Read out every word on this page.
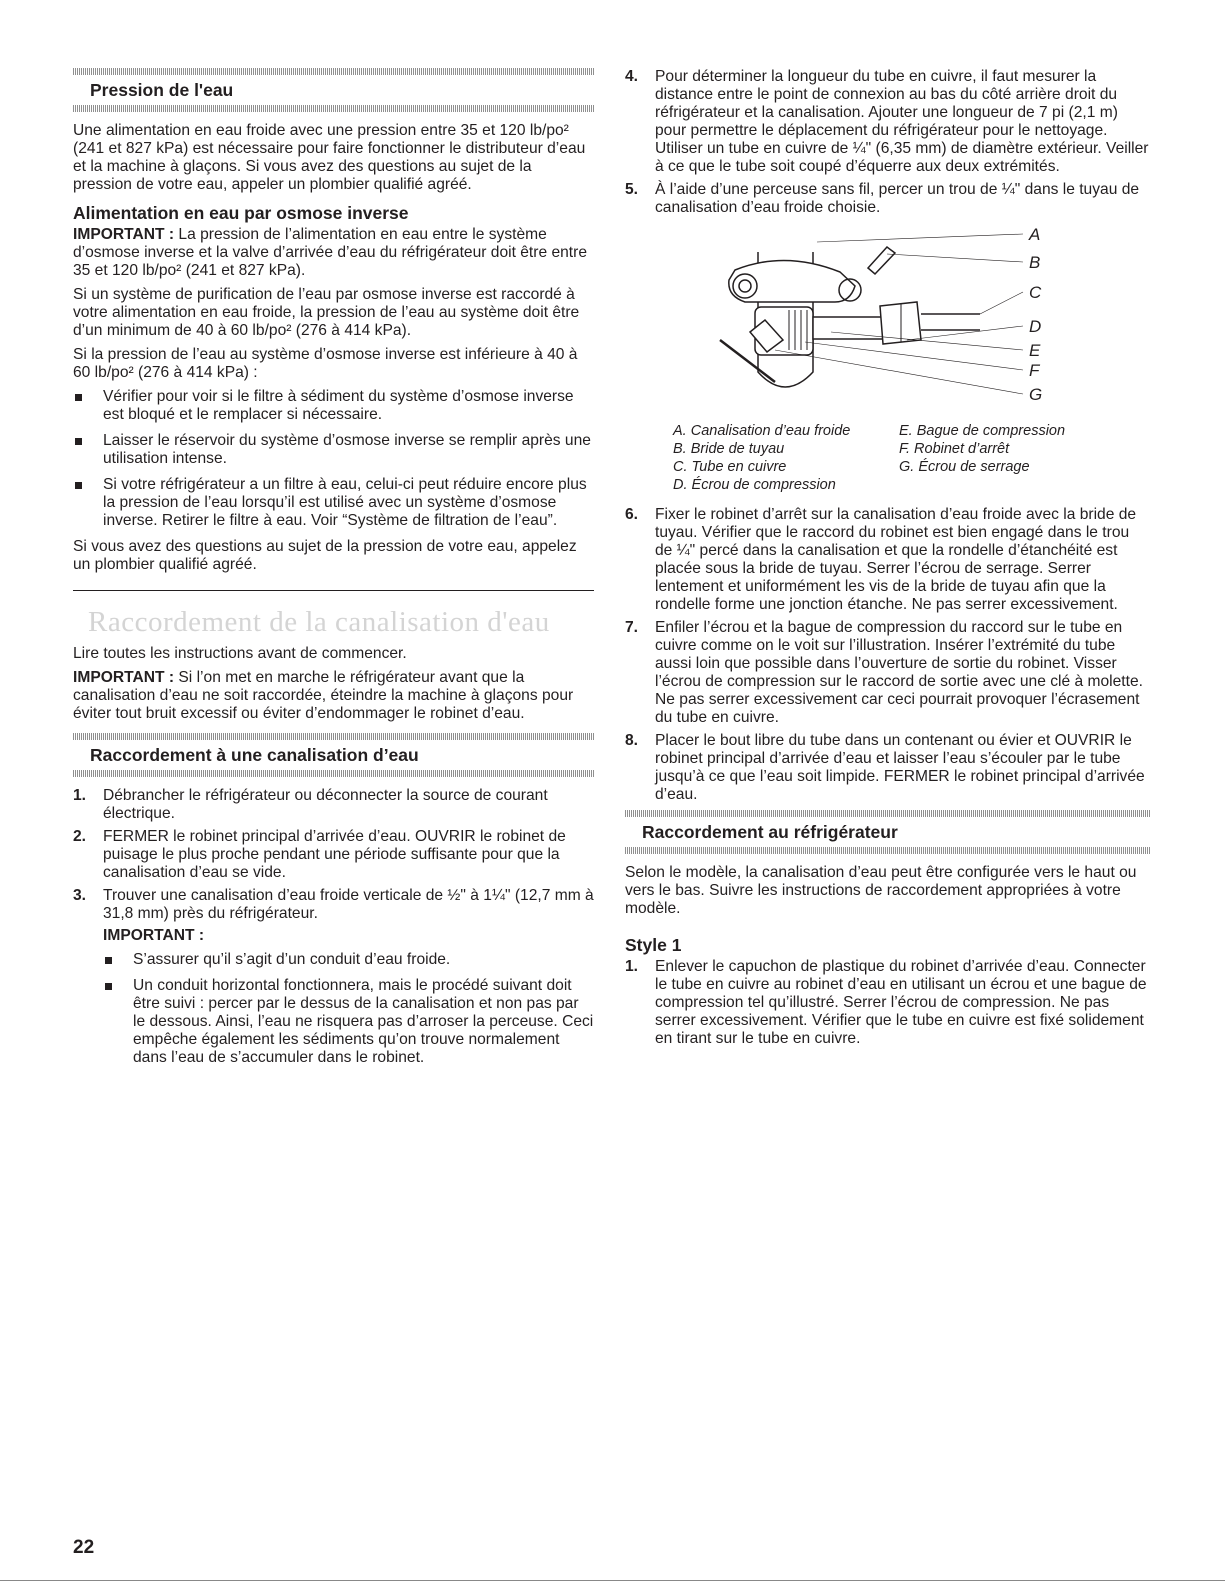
Pression de l'eau

Une alimentation en eau froide avec une pression entre 35 et 120 lb/po² (241 et 827 kPa) est nécessaire pour faire fonctionner le distributeur d’eau et la machine à glaçons. Si vous avez des questions au sujet de la pression de votre eau, appeler un plombier qualifié agréé.

Alimentation en eau par osmose inverse

IMPORTANT : La pression de l’alimentation en eau entre le système d’osmose inverse et la valve d’arrivée d’eau du réfrigérateur doit être entre 35 et 120 lb/po² (241 et 827 kPa).

Si un système de purification de l’eau par osmose inverse est raccordé à votre alimentation en eau froide, la pression de l’eau au système doit être d’un minimum de 40 à 60 lb/po² (276 à 414 kPa).

Si la pression de l’eau au système d’osmose inverse est inférieure à 40 à 60 lb/po² (276 à 414 kPa) :

Vérifier pour voir si le filtre à sédiment du système d’osmose inverse est bloqué et le remplacer si nécessaire.
Laisser le réservoir du système d’osmose inverse se remplir après une utilisation intense.
Si votre réfrigérateur a un filtre à eau, celui-ci peut réduire encore plus la pression de l’eau lorsqu’il est utilisé avec un système d’osmose inverse. Retirer le filtre à eau. Voir “Système de filtration de l’eau”.

Si vous avez des questions au sujet de la pression de votre eau, appelez un plombier qualifié agréé.

Raccordement de la canalisation d'eau

Lire toutes les instructions avant de commencer.

IMPORTANT : Si l’on met en marche le réfrigérateur avant que la canalisation d’eau ne soit raccordée, éteindre la machine à glaçons pour éviter tout bruit excessif ou éviter d’endommager le robinet d’eau.

Raccordement à une canalisation d’eau
1. Débrancher le réfrigérateur ou déconnecter la source de courant électrique.
2. FERMER le robinet principal d’arrivée d’eau. OUVRIR le robinet de puisage le plus proche pendant une période suffisante pour que la canalisation d’eau se vide.
3. Trouver une canalisation d’eau froide verticale de ½" à 1¼" (12,7 mm à 31,8 mm) près du réfrigérateur.
IMPORTANT :
S’assurer qu’il s’agit d’un conduit d’eau froide.
Un conduit horizontal fonctionnera, mais le procédé suivant doit être suivi : percer par le dessus de la canalisation et non pas par le dessous. Ainsi, l’eau ne risquera pas d’arroser la perceuse. Ceci empêche également les sédiments qu’on trouve normalement dans l’eau de s’accumuler dans le robinet.
4. Pour déterminer la longueur du tube en cuivre, il faut mesurer la distance entre le point de connexion au bas du côté arrière droit du réfrigérateur et la canalisation. Ajouter une longueur de 7 pi (2,1 m) pour permettre le déplacement du réfrigérateur pour le nettoyage. Utiliser un tube en cuivre de ¼" (6,35 mm) de diamètre extérieur. Veiller à ce que le tube soit coupé d’équerre aux deux extrémités.
5. À l’aide d’une perceuse sans fil, percer un trou de ¼" dans le tuyau de canalisation d’eau froide choisie.
A
B
C
D
E
F
G
A. Canalisation d’eau froide
B. Bride de tuyau
C. Tube en cuivre
D. Écrou de compression
E. Bague de compression
F. Robinet d’arrêt
G. Écrou de serrage
6. Fixer le robinet d’arrêt sur la canalisation d’eau froide avec la bride de tuyau. Vérifier que le raccord du robinet est bien engagé dans le trou de ¼" percé dans la canalisation et que la rondelle d’étanchéité est placée sous la bride de tuyau. Serrer l’écrou de serrage. Serrer lentement et uniformément les vis de la bride de tuyau afin que la rondelle forme une jonction étanche. Ne pas serrer excessivement.
7. Enfiler l’écrou et la bague de compression du raccord sur le tube en cuivre comme on le voit sur l’illustration. Insérer l’extrémité du tube aussi loin que possible dans l’ouverture de sortie du robinet. Visser l’écrou de compression sur le raccord de sortie avec une clé à molette. Ne pas serrer excessivement car ceci pourrait provoquer l’écrasement du tube en cuivre.
8. Placer le bout libre du tube dans un contenant ou évier et OUVRIR le robinet principal d’arrivée d’eau et laisser l’eau s’écouler par le tube jusqu’à ce que l’eau soit limpide. FERMER le robinet principal d’arrivée d’eau.
Raccordement au réfrigérateur

Selon le modèle, la canalisation d’eau peut être configurée vers le haut ou vers le bas. Suivre les instructions de raccordement appropriées à votre modèle.

Style 1
1. Enlever le capuchon de plastique du robinet d’arrivée d’eau. Connecter le tube en cuivre au robinet d’eau en utilisant un écrou et une bague de compression tel qu’illustré. Serrer l’écrou de compression. Ne pas serrer excessivement. Vérifier que le tube en cuivre est fixé solidement en tirant sur le tube en cuivre.
22
